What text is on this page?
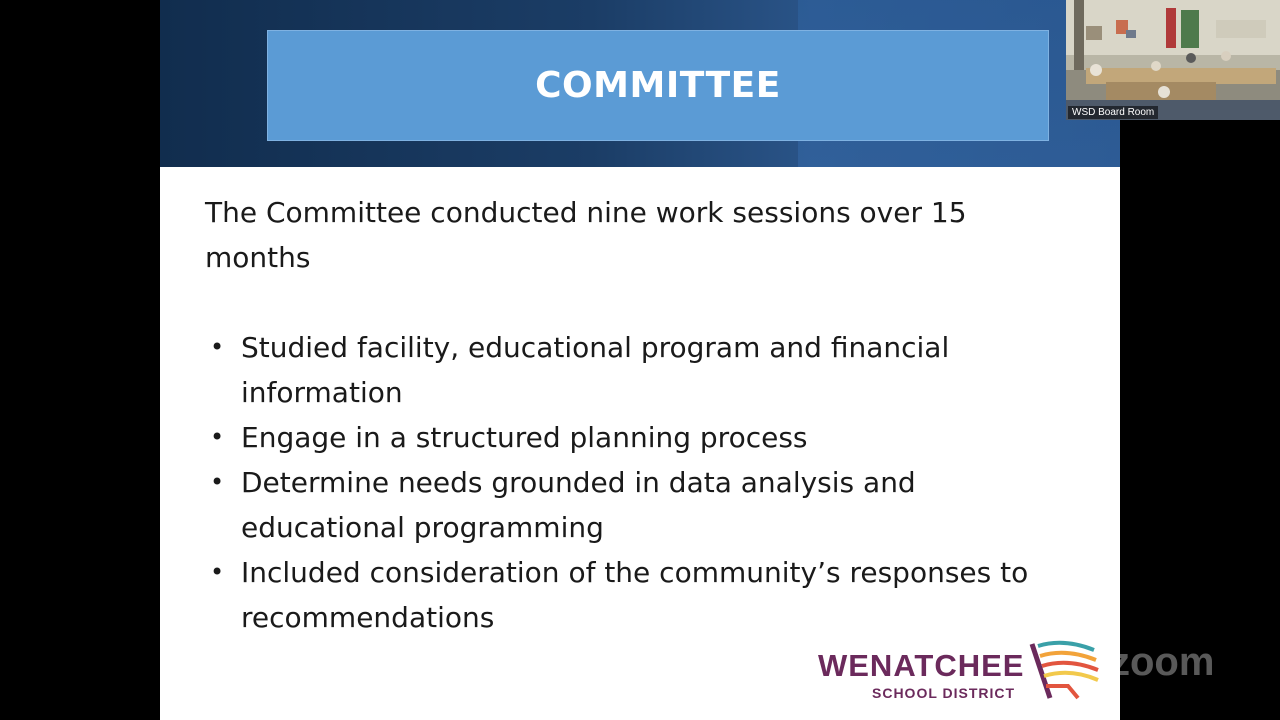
COMMITTEE

The Committee conducted nine work sessions over 15 months

• Studied facility, educational program and financial information
• Engage in a structured planning process
• Determine needs grounded in data analysis and educational programming
• Included consideration of the community’s responses to recommendations
WENATCHEE
SCHOOL DISTRICT
zoom
WSD Board Room
